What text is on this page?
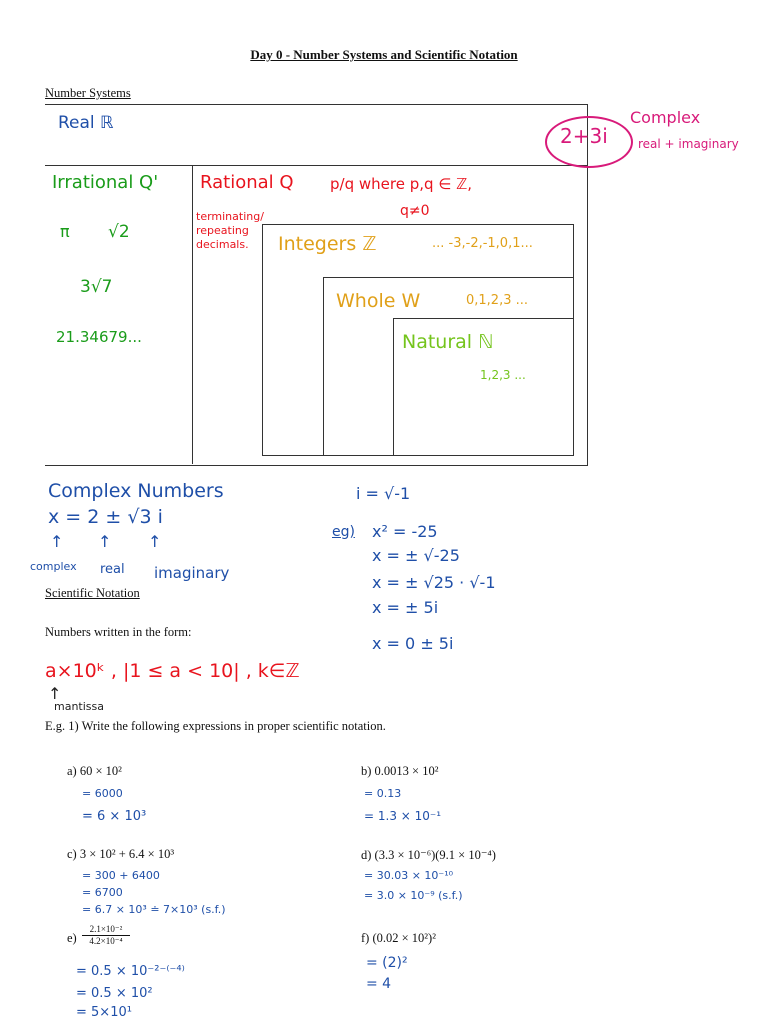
Day 0 - Number Systems and Scientific Notation
Number Systems
Real ℝ
Irrational Q'
π √2
3√7
21.34679...
Rational Q p/q where p,q ∈ ℤ,
q≠0
terminating/ repeating decimals.	Integers ℤ	... -3,-2,-1,0,1...
Whole W	0,1,2,3 ...
Natural ℕ
1,2,3 ...
2+3i
Complex
real + imaginary
Complex Numbers
x = 2 ± √3 i
↑ ↑ ↑
complex real imaginary
i = √-1
eg) x² = -25
x = ± √-25
x = ± √25 · √-1
x = ± 5i
x = 0 ± 5i
Scientific Notation
Numbers written in the form:
a×10ᵏ , |1 ≤ a < 10| , k∈ℤ
↑
mantissa
E.g. 1) Write the following expressions in proper scientific notation.
a) 60 × 10²
= 6000
= 6 × 10³
b) 0.0013 × 10²
= 0.13
= 1.3 × 10⁻¹
c) 3 × 10² + 6.4 × 10³
= 300 + 6400
= 6700
= 6.7 × 10³ ≐ 7×10³ (s.f.)
d) (3.3 × 10⁻⁶)(9.1 × 10⁻⁴)
= 30.03 × 10⁻¹⁰
= 3.0 × 10⁻⁹ (s.f.)
$e) \frac{\text{2.1×10⁻²}}{\text{4.2×10⁻⁴}}$
= 0.5 × 10⁻²⁻⁽⁻⁴⁾
= 0.5 × 10²
= 5×10¹
f) (0.02 × 10²)²
= (2)²
= 4
